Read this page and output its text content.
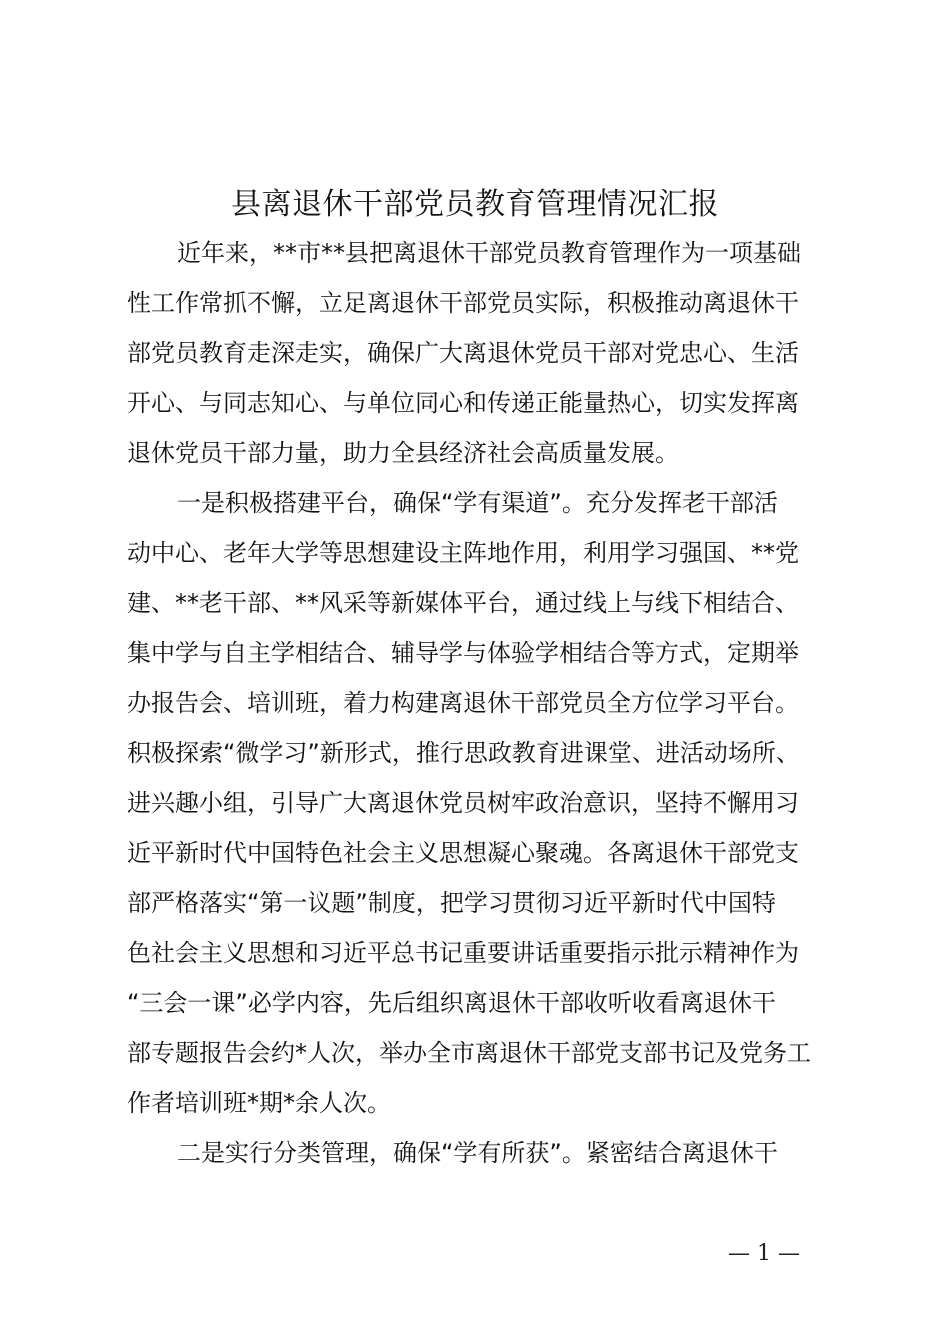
县离退休干部党员教育管理情况汇报
近年来，**市**县把离退休干部党员教育管理作为一项基础
性工作常抓不懈，立足离退休干部党员实际，积极推动离退休干
部党员教育走深走实，确保广大离退休党员干部对党忠心、生活
开心、与同志知心、与单位同心和传递正能量热心，切实发挥离
退休党员干部力量，助力全县经济社会高质量发展。
一是积极搭建平台，确保“学有渠道”。充分发挥老干部活
动中心、老年大学等思想建设主阵地作用，利用学习强国、**党
建、**老干部、**风采等新媒体平台，通过线上与线下相结合、
集中学与自主学相结合、辅导学与体验学相结合等方式，定期举
办报告会、培训班，着力构建离退休干部党员全方位学习平台。
积极探索“微学习”新形式，推行思政教育进课堂、进活动场所、
进兴趣小组，引导广大离退休党员树牢政治意识，坚持不懈用习
近平新时代中国特色社会主义思想凝心聚魂。各离退休干部党支
部严格落实“第一议题”制度，把学习贯彻习近平新时代中国特
色社会主义思想和习近平总书记重要讲话重要指示批示精神作为
“三会一课”必学内容，先后组织离退休干部收听收看离退休干
部专题报告会约*人次，举办全市离退休干部党支部书记及党务工
作者培训班*期*余人次。
二是实行分类管理，确保“学有所获”。紧密结合离退休干
— 1 —
